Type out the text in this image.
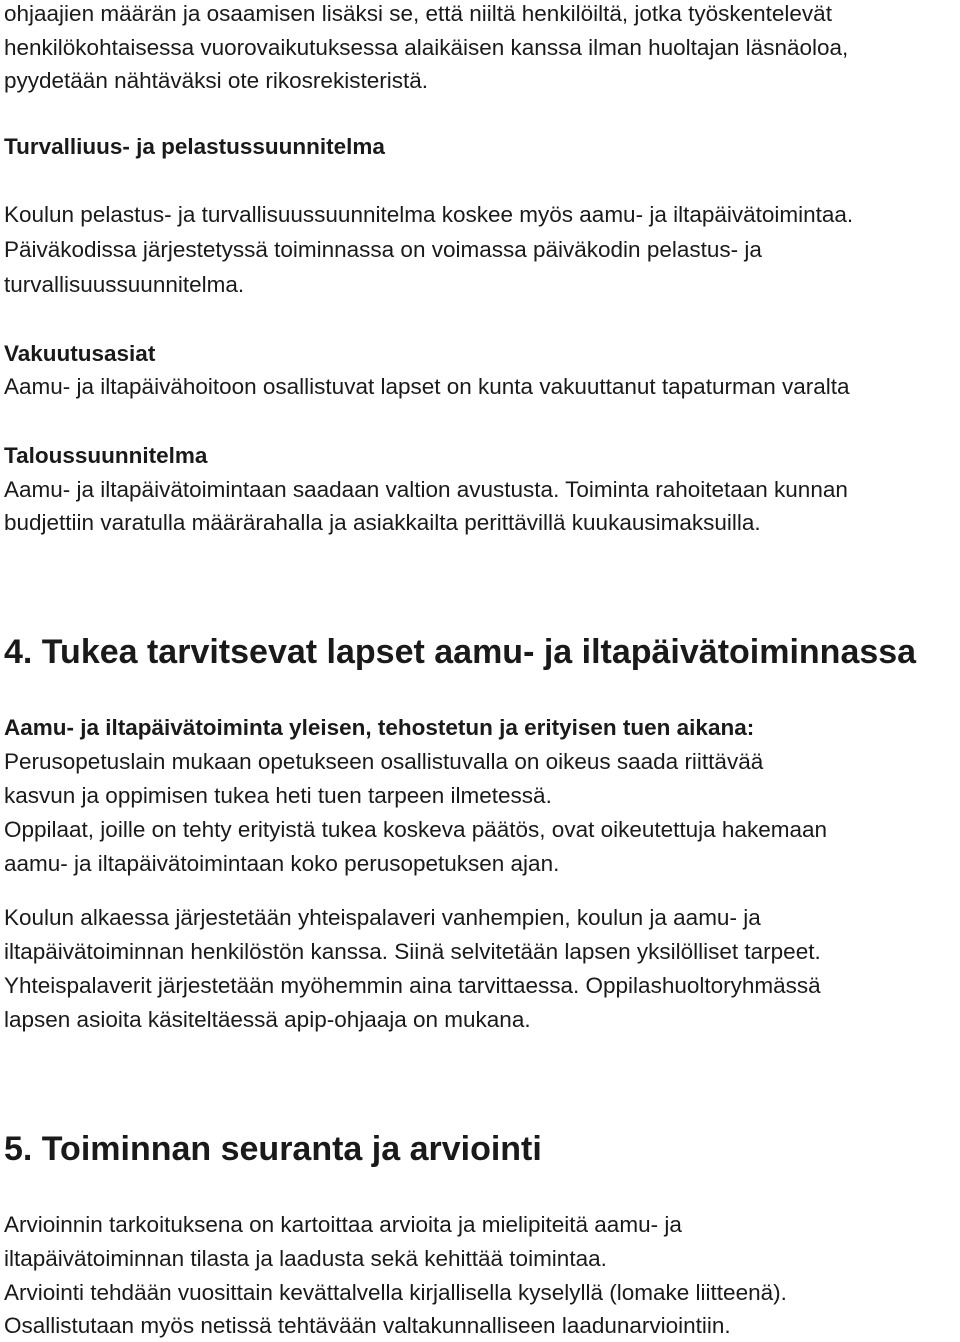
ohjaajien määrän ja osaamisen lisäksi se, että niiltä henkilöiltä, jotka työskentelevät

henkilökohtaisessa vuorovaikutuksessa alaikäisen kanssa ilman huoltajan läsnäoloa,

pyydetään nähtäväksi ote rikosrekisteristä.

Turvalliuus- ja pelastussuunnitelma

Koulun pelastus- ja turvallisuussuunnitelma koskee myös aamu- ja iltapäivätoimintaa.

Päiväkodissa järjestetyssä toiminnassa on voimassa päiväkodin pelastus- ja

turvallisuussuunnitelma.

Vakuutusasiat

Aamu- ja iltapäivähoitoon osallistuvat lapset on kunta vakuuttanut tapaturman varalta

Taloussuunnitelma

Aamu- ja iltapäivätoimintaan saadaan valtion avustusta. Toiminta rahoitetaan kunnan

budjettiin varatulla määrärahalla ja asiakkailta perittävillä kuukausimaksuilla.

4. Tukea tarvitsevat lapset aamu- ja iltapäivätoiminnassa

Aamu- ja iltapäivätoiminta yleisen, tehostetun ja erityisen tuen aikana:

Perusopetuslain mukaan opetukseen osallistuvalla on oikeus saada riittävää

kasvun ja oppimisen tukea heti tuen tarpeen ilmetessä.

Oppilaat, joille on tehty erityistä tukea koskeva päätös, ovat oikeutettuja hakemaan

aamu- ja iltapäivätoimintaan koko perusopetuksen ajan.

Koulun alkaessa järjestetään yhteispalaveri vanhempien, koulun ja aamu- ja

iltapäivätoiminnan henkilöstön kanssa. Siinä selvitetään lapsen yksilölliset tarpeet.

Yhteispalaverit järjestetään myöhemmin aina tarvittaessa. Oppilashuoltoryhmässä

lapsen asioita käsiteltäessä apip-ohjaaja on mukana.

5. Toiminnan seuranta ja arviointi

Arvioinnin tarkoituksena on kartoittaa arvioita ja mielipiteitä aamu- ja

iltapäivätoiminnan tilasta ja laadusta sekä kehittää toimintaa.

Arviointi tehdään vuosittain kevättalvella kirjallisella kyselyllä (lomake liitteenä).

Osallistutaan myös netissä tehtävään valtakunnalliseen laadunarviointiin.
